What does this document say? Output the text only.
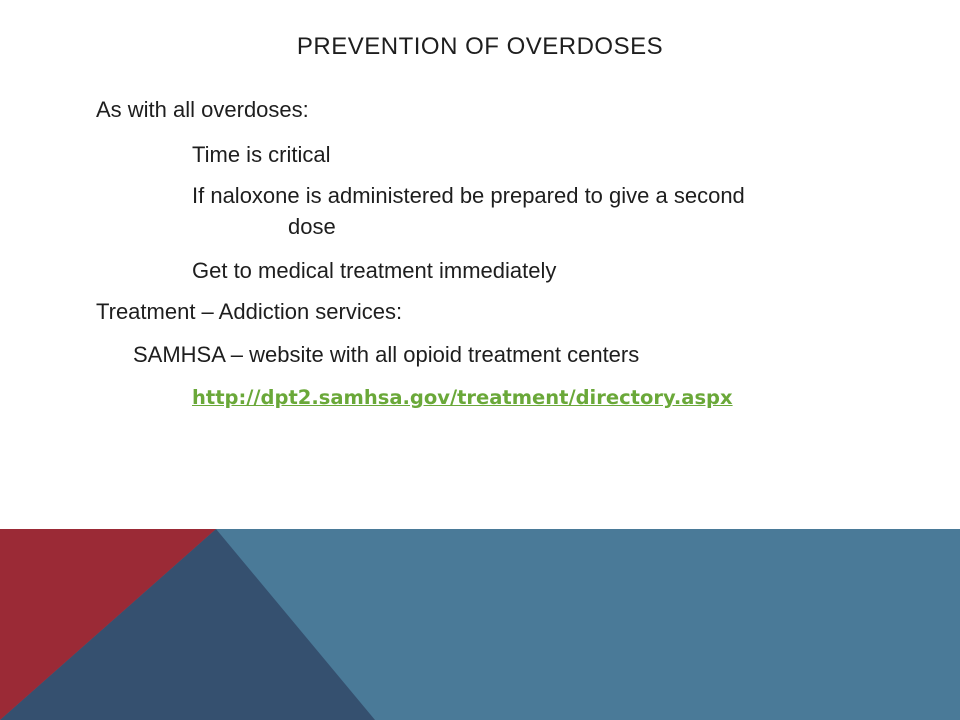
PREVENTION OF OVERDOSES
As with all overdoses:
Time is critical
If naloxone is administered be prepared to give a second
dose
Get to medical treatment immediately
Treatment – Addiction services:
SAMHSA – website with all opioid treatment centers
http://dpt2.samhsa.gov/treatment/directory.aspx
